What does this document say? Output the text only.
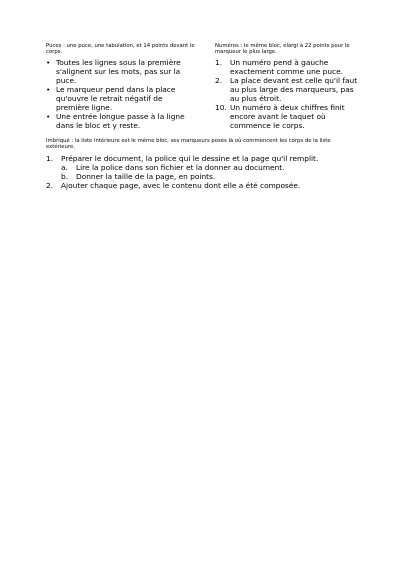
Puces : une puce, une tabulation, et 14 points devant le corps.
Numéros : le même bloc, élargi à 22 points pour le marqueur le plus large.
• Toutes les lignes sous la première s'alignent sur les mots, pas sur la puce.
• Le marqueur pend dans la place qu'ouvre le retrait négatif de première ligne.
• Une entrée longue passe à la ligne dans le bloc et y reste.
1. Un numéro pend à gauche exactement comme une puce.
2. La place devant est celle qu'il faut au plus large des marqueurs, pas au plus étroit.
10. Un numéro à deux chiffres finit encore avant le taquet où commence le corps.
Imbriqué : la liste intérieure est le même bloc, ses marqueurs posés là où commencent les corps de la liste extérieure.
1. Préparer le document, la police qui le dessine et la page qu'il remplit.
a. Lire la police dans son fichier et la donner au document.
b. Donner la taille de la page, en points.
2. Ajouter chaque page, avec le contenu dont elle a été composée.
